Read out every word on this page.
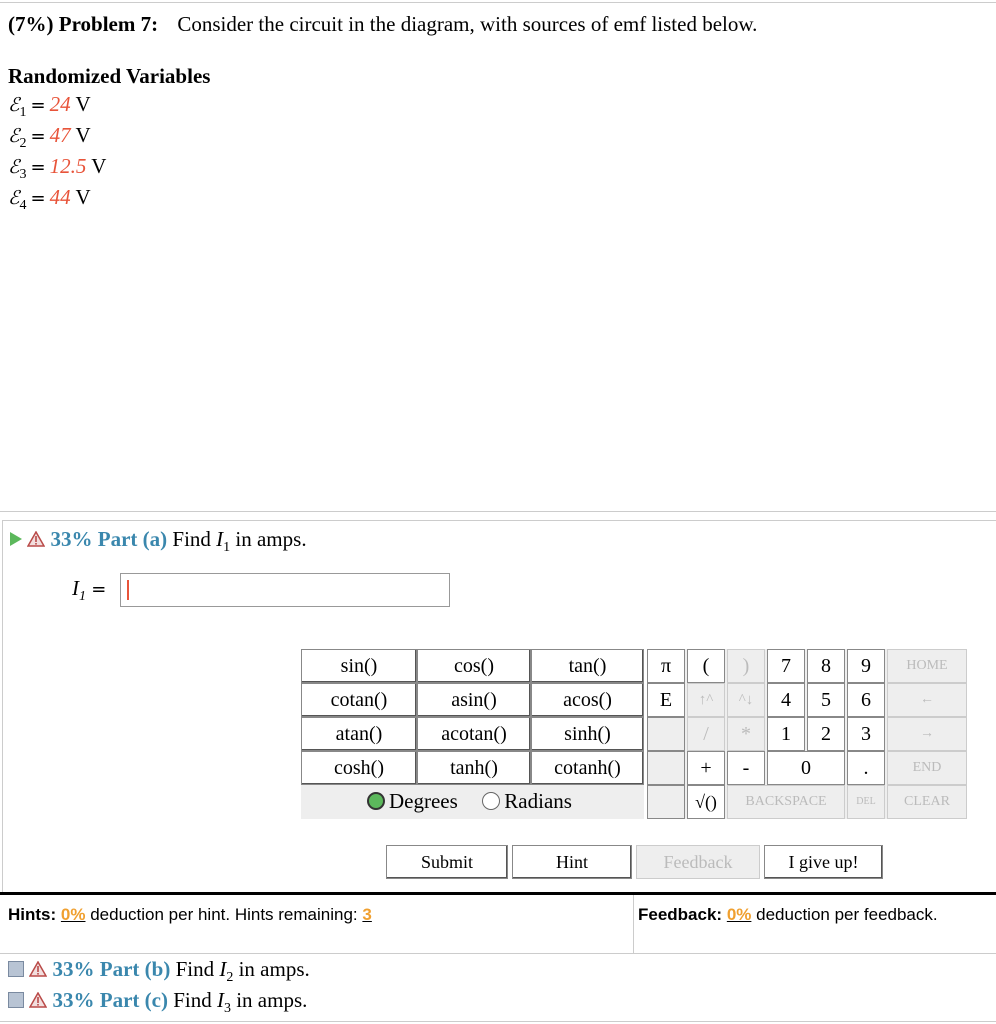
(7%) Problem 7: Consider the circuit in the diagram, with sources of emf listed below.
Randomized Variables
ℰ$_1$ = 24 V
ℰ$_2$ = 47 V
ℰ$_3$ = 12.5 V
ℰ$_4$ = 44 V
33% Part (a) Find $I_1$ in amps.
$I_1$ =
sin()	cos()	tan()
cotan()	asin()	acos()
atan()	acotan()	sinh()
cosh()	tanh()	cotanh()
Degrees Radians
π	(	)	7	8	9	HOME
E	↑^	^↓	4	5	6	←
/	*	1	2	3	→
+	-	0	.	END
√()	BACKSPACE	DEL	CLEAR
Submit	Hint	Feedback	I give up!
Hints: 0% deduction per hint. Hints remaining: 3	Feedback: 0% deduction per feedback.
33% Part (b) Find $I_2$ in amps.
33% Part (c) Find $I_3$ in amps.
